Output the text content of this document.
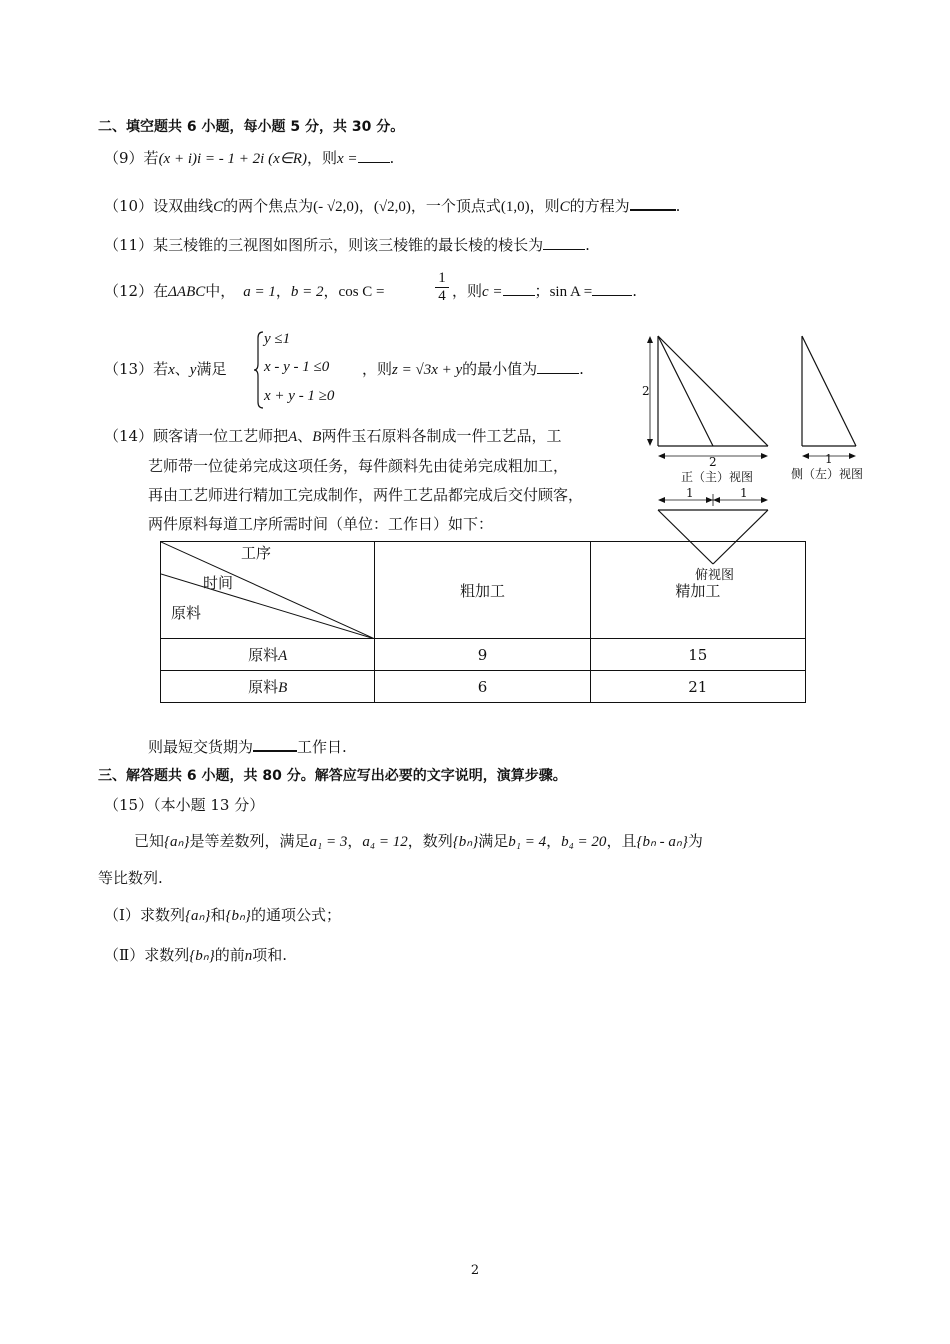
二、填空题共 6 小题，每小题 5 分，共 30 分。
（9）若(x + i)i = - 1 + 2i (x∈R)，则x = .
（10）设双曲线C的两个焦点为(- √2,0)，(√2,0)，一个顶点式(1,0)，则C的方程为	.
（11）某三棱锥的三视图如图所示，则该三棱锥的最长棱的棱长为	.
（12）在ΔABC中， a = 1，b = 2，cos C =	$\frac{1}{4}$ ，则c = ；sin A =	.
（13）若x、y满足
y ≤1
x - y - 1 ≤0
x + y - 1 ≥0
，则z = √3x + y的最小值为	.
（14）顾客请一位工艺师把A、B两件玉石原料各制成一件工艺品，工
艺师带一位徒弟完成这项任务，每件颜料先由徒弟完成粗加工，
再由工艺师进行精加工完成制作，两件工艺品都完成后交付顾客，
两件原料每道工序所需时间（单位：工作日）如下：
2
2
正（主）视图
1
侧（左）视图
1	1
工序
时间
原料	粗加工	精加工
原料A	9	15
原料B	6	21
俯视图
则最短交货期为	工作日.
三、解答题共 6 小题，共 80 分。解答应写出必要的文字说明，演算步骤。
（15）（本小题 13 分）
已知{aₙ}是等差数列，满足a₁ = 3，a₄ = 12，数列{bₙ}满足b₁ = 4，b₄ = 20，且{bₙ - aₙ}为
等比数列.
（Ⅰ）求数列{aₙ}和{bₙ}的通项公式；
（Ⅱ）求数列{bₙ}的前n项和.
2
